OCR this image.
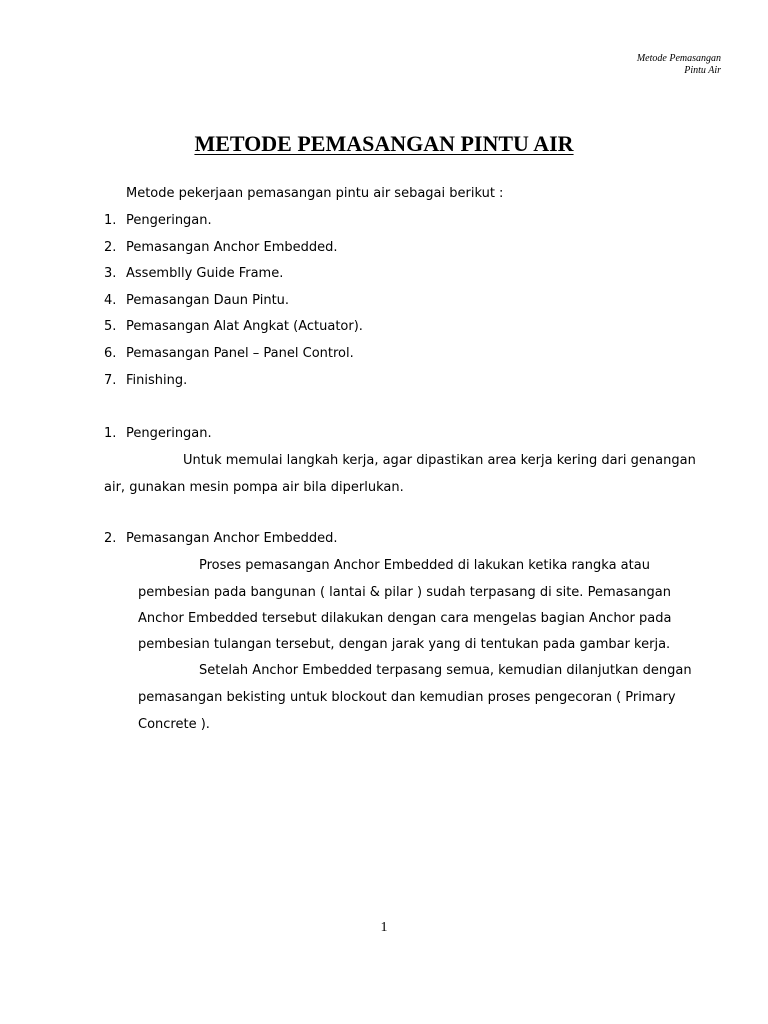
Metode Pemasangan
Pintu Air
METODE PEMASANGAN PINTU AIR
Metode pekerjaan pemasangan pintu air sebagai berikut :
1. Pengeringan.
2. Pemasangan Anchor Embedded.
3. Assemblly Guide Frame.
4. Pemasangan Daun Pintu.
5. Pemasangan Alat Angkat (Actuator).
6. Pemasangan Panel – Panel Control.
7. Finishing.
1. Pengeringan.
Untuk memulai langkah kerja, agar dipastikan area kerja kering dari genangan
air, gunakan mesin pompa air bila diperlukan.
2. Pemasangan Anchor Embedded.
Proses pemasangan Anchor Embedded di lakukan ketika rangka atau
pembesian pada bangunan ( lantai & pilar ) sudah terpasang di site. Pemasangan
Anchor Embedded tersebut dilakukan dengan cara mengelas bagian Anchor pada
pembesian tulangan tersebut, dengan jarak yang di tentukan pada gambar kerja.
Setelah Anchor Embedded terpasang semua, kemudian dilanjutkan dengan
pemasangan bekisting untuk blockout dan kemudian proses pengecoran ( Primary
Concrete ).
1
